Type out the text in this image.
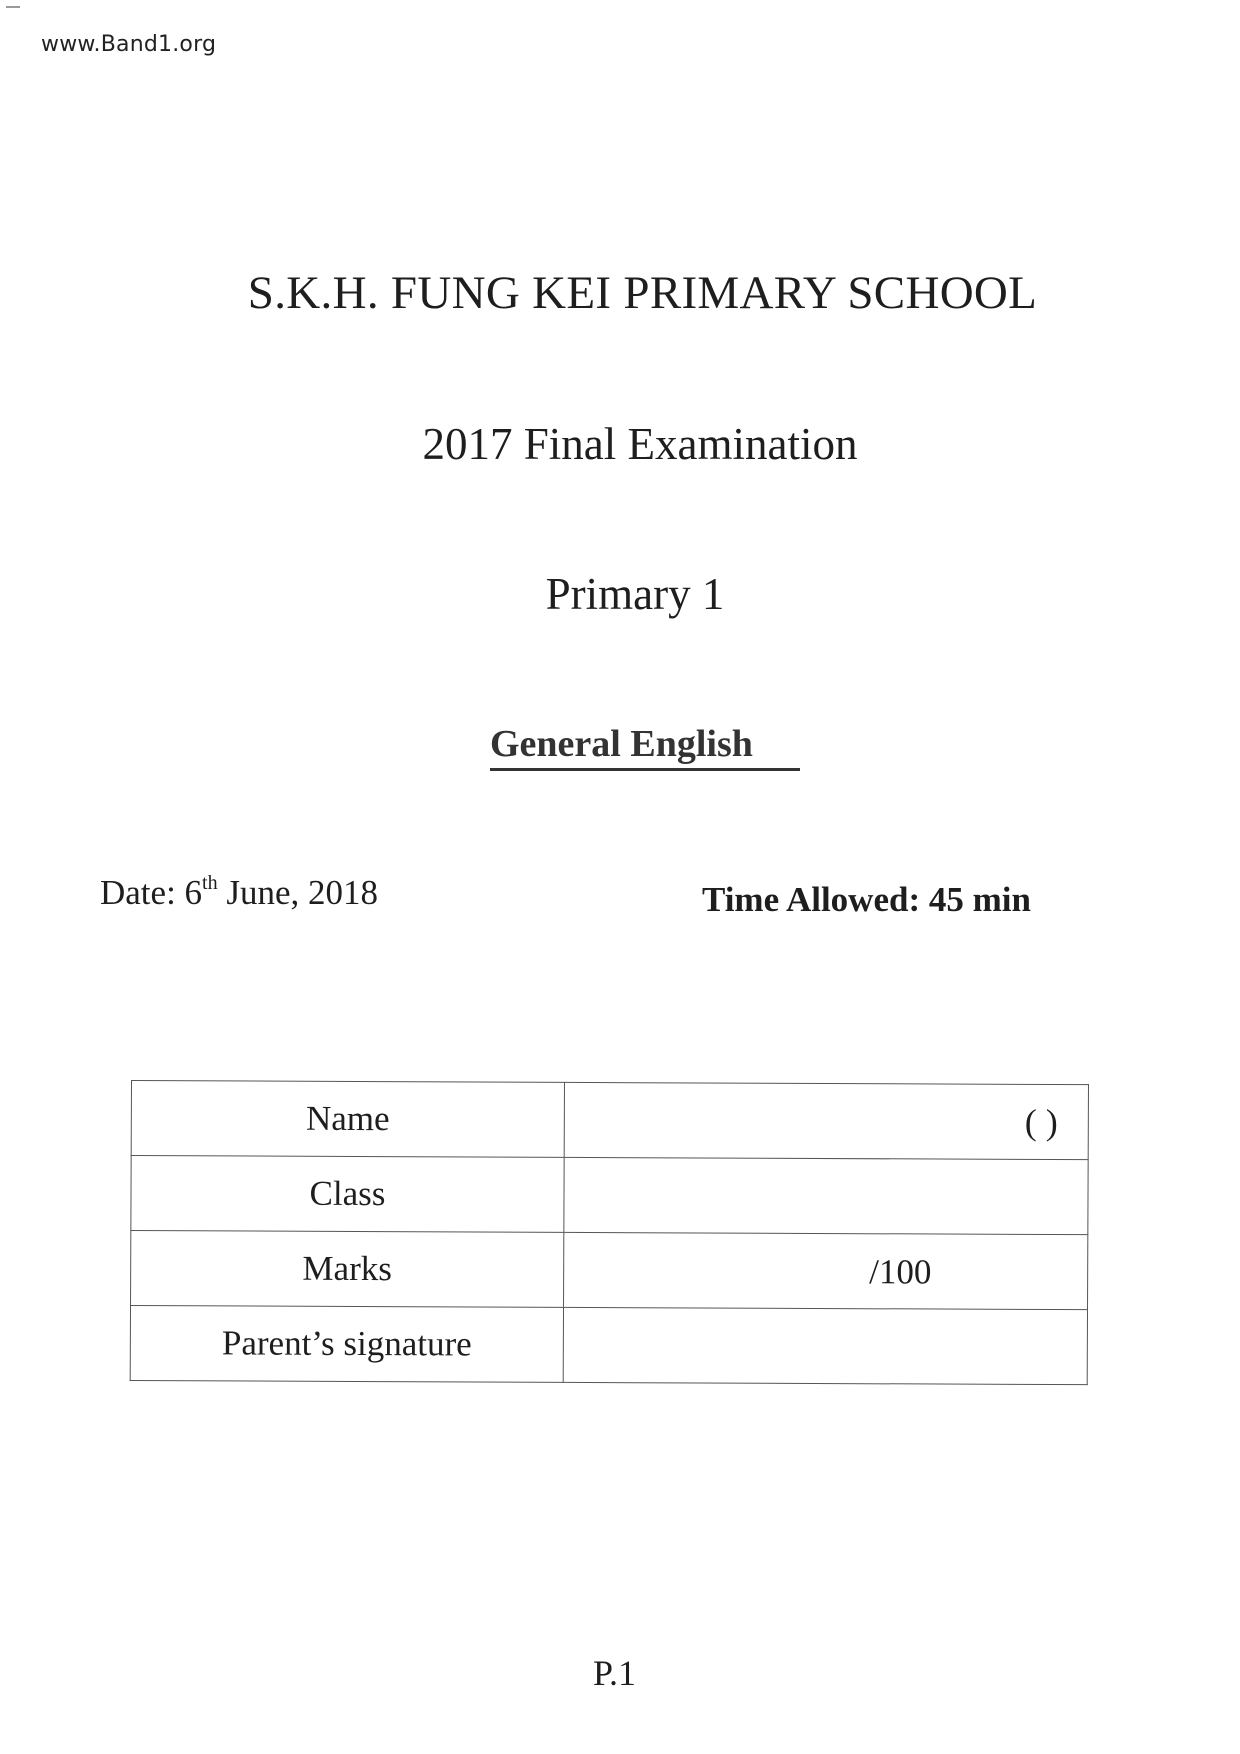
www.Band1.org
S.K.H. FUNG KEI PRIMARY SCHOOL
2017 Final Examination
Primary 1
General English
Date: 6th June, 2018	Time Allowed: 45 min
Name	( )

Class	
Marks	/100

Parent’s signature	
P.1
